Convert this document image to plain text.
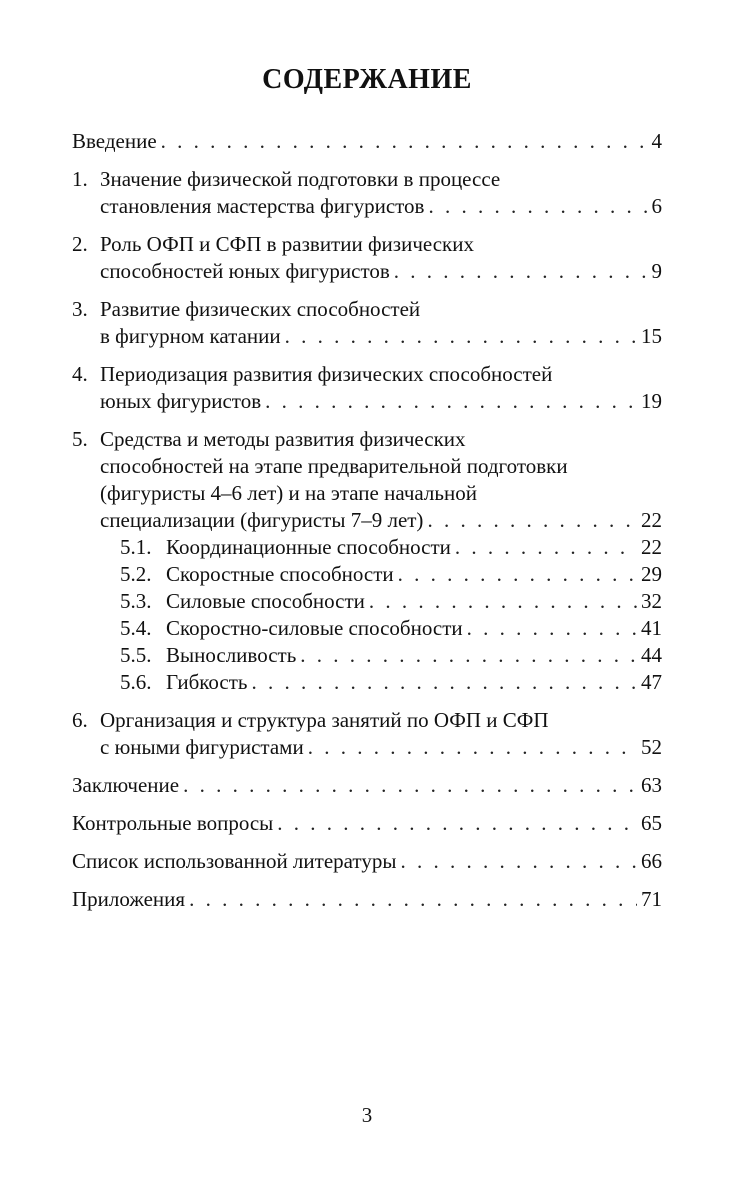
СОДЕРЖАНИЕ
Введение . . .	4
1. Значение физической подготовки в процессе
становления мастерства фигуристов . . .	6
2. Роль ОФП и СФП в развитии физических
способностей юных фигуристов . . .	9
3. Развитие физических способностей
в фигурном катании . . .	15
4. Периодизация развития физических способностей
юных фигуристов . . .	19
5. Средства и методы развития физических
способностей на этапе предварительной подготовки
(фигуристы 4–6 лет) и на этапе начальной
специализации (фигуристы 7–9 лет) . . .	22
5.1. Координационные способности . . .	22
5.2. Скоростные способности . . .	29
5.3. Силовые способности . . .	32
5.4. Скоростно-силовые способности . . .	41
5.5. Выносливость . . .	44
5.6. Гибкость . . .	47
6. Организация и структура занятий по ОФП и СФП
с юными фигуристами . . .	52
Заключение . . .	63
Контрольные вопросы . . .	65
Список использованной литературы . . .	66
Приложения . . .	71
3
